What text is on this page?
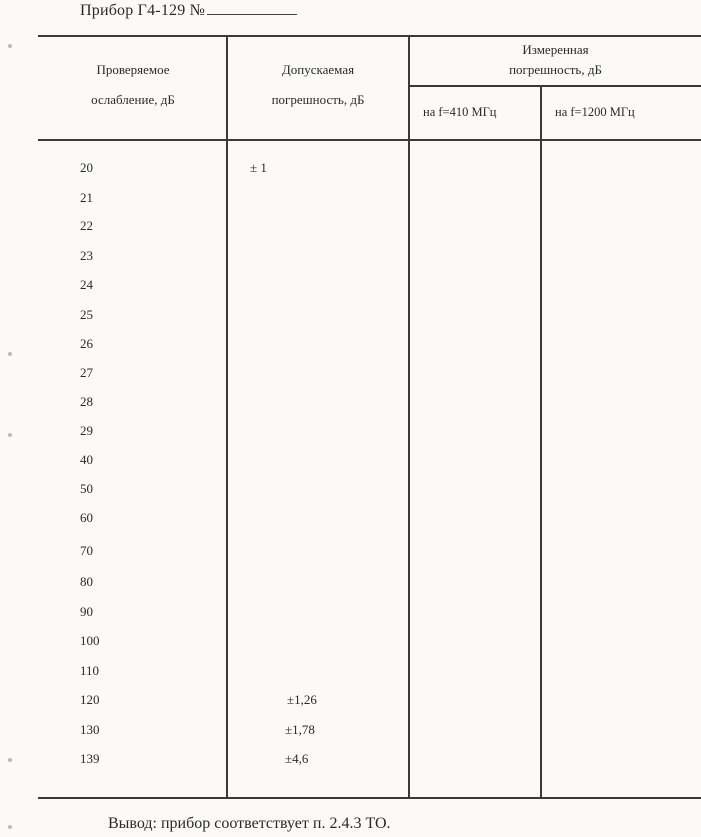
Прибор Г4-129 №
Проверяемое
ослабление, дБ
Допускаемая
погрешность, дБ
Измеренная
погрешность, дБ
на f=410 МГц	на f=1200 МГц
20
21
22
23
24
25
26
27
28
29
40
50
60
70
80
90
100
110
120
130
139
± 1
±1,26
±1,78
±4,6
Вывод: прибор соответствует п. 2.4.3 ТО.
